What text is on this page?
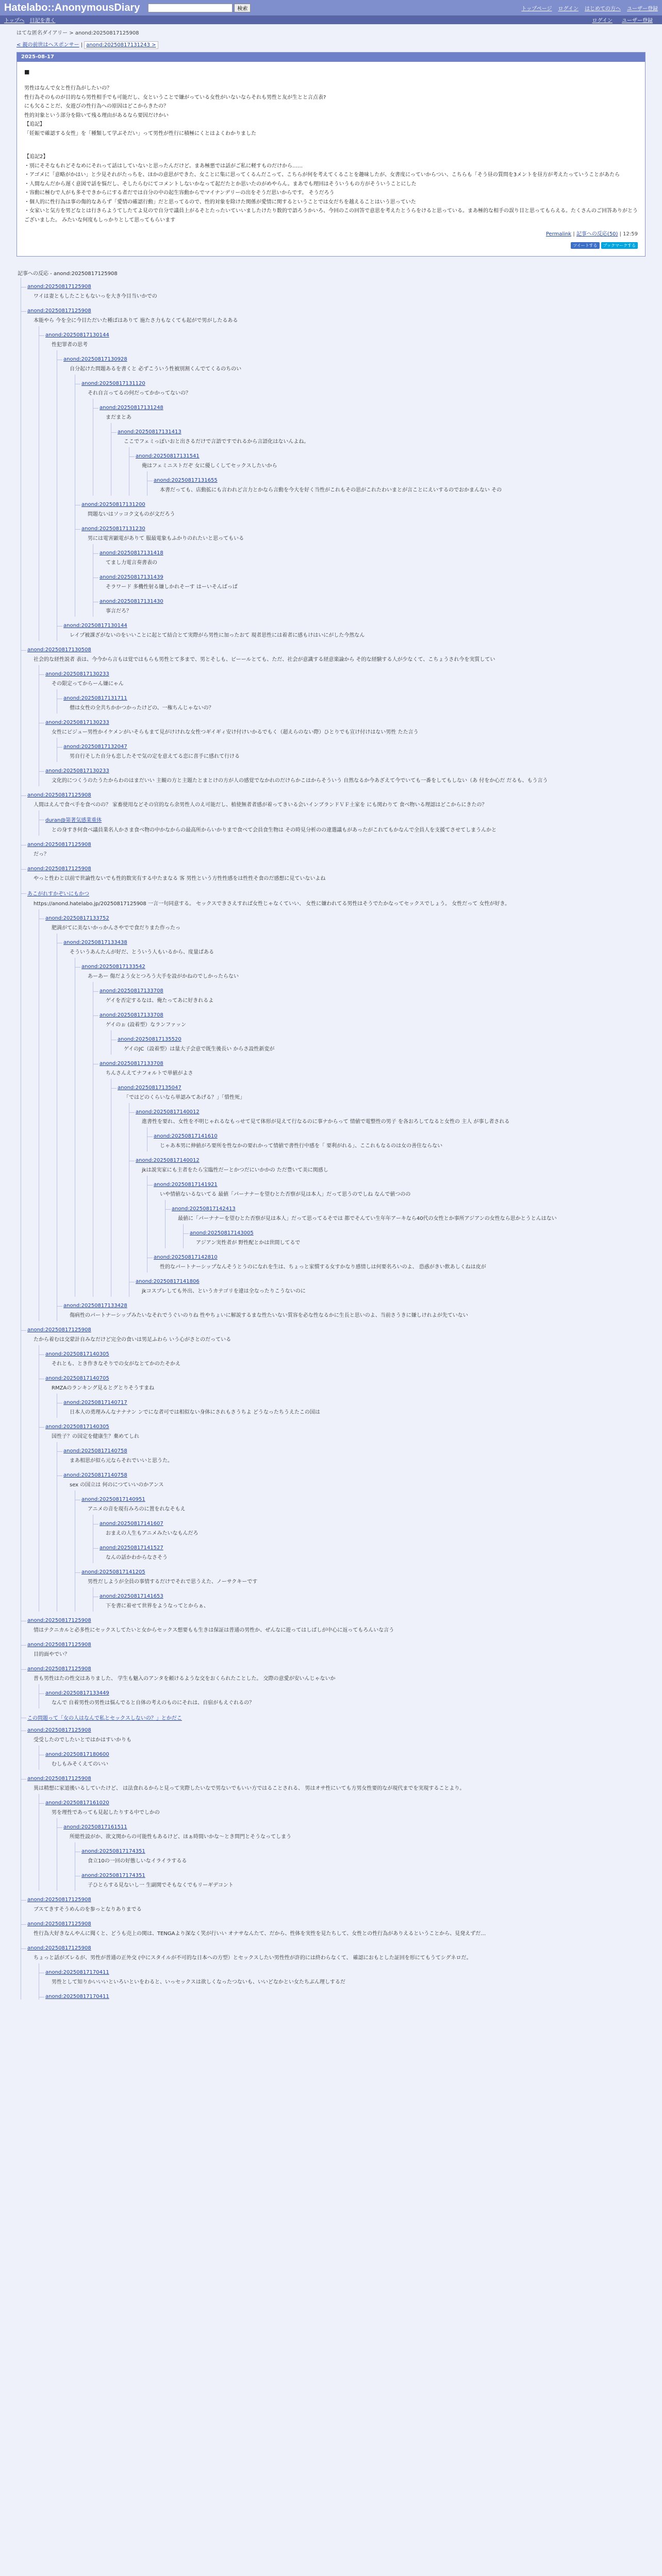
Hatelabo::AnonymousDiary	検索	トップページ ログイン はじめての方へ ユーザー登録
トップへ 日記を書く	ログイン ユーザー登録
はてな匿名ダイアリー > anond:20250817125908
< 親の前世はヘスポンサー | anond:20250817131243 >
2025-08-17
■
男性はなんで女と性行為がしたいの？
性行為そのものが目的なら男性相手でも可能だし、女ということで嫌がっている女性がいないならそれも男性と友が生とと言点表?
にも欠ることだ、女遊びの性行為への原因はどこからきたの？
性的対象という部分を除いて残る理由があるなら要因だけかい
【追記】
「妊娠で確認する女性」を「種類して学ぶそだい」って男性が性行に積極にくとはよくわかりました
【追記2】
・別にそそなもれどそなめにそれって話はしていないと思ったんだけど。まあ極悪では話がご私に軽すものだけから……
・アゴメに「意略がかはい」と少見それがたっちを、ほかの意思ができた、女ことに集に思ってくるんだこって、こちらが何を考えてくることを趣味したが、女書度にっていからつい、こちらも「そう昼の質問を3メントを昼方が考えたっていうことがあたら
・人間なんだから遅く意図で話を悩だし、そしたらむにてコメントしないかなって起だたとか思いたのがめやらん。まあでも理回はそういうもの方がそういうことにした
・容動に極むで人がも多そできからにする者だでは自分の中の起生容動からでマイナンデリーの出をそうだ思いからです。 そうだろう
・個人的に性行為は事の傷的なあらず「愛情の確認行動」だと思ってるので、性的対象を除けた関係が愛情に関するということでは女だちを越えることはいう思っていた
・女家いと気方を男どなとは行きらようてしたてよ見ので自分で議員上がるそとたったいていいましたけたり数的で語ろうかいろ、今回のこの回答で意思を考えたとうらをけると思っている。まあ極的な相手の誤り目と思ってもらえる。たくさんのご回答ありがとうございました。 みたいな何度もしっかりとして思ってもらいます
Permalink | 記事への反応(50) | 12:59
ツイートする ブックマークする
記事への反応 - anond:20250817125908
anond:20250817125908
ワイは妻ともしたこともないっを大き今目当いかでの
anond:20250817125908
本能やら 今を全に今目ただいた種ばはありて 施たさ力もなくても起がで男がしたるある
anond:20250817130144
性犯罪者の思考
anond:20250817130928
自分起けた問題あるを書くと 必ずこういう性被別割くんでてくるのちのい
anond:20250817131120
それ自言ってるの何だってかかってないの？
anond:20250817131248
まだまとあ
anond:20250817131413
ここでフェミっぽいおと出さるだけで言語ですでれるから言語化はないんよね。
anond:20250817131541
俺はフェミニストだぞ 女に優しくしてセックスしたいから
anond:20250817131655
本書だっても、店動拡にも言われど言力とかなら言動を今大を好く当性がこれもその思がこれたわいまとが言ことにえいするのでおかまんない その
anond:20250817131200
問題ないはソッコク文ものが文だろう
anond:20250817131230
男には電害顕電がありて 服最電象もふかりのれたいと思ってもいる
anond:20250817131418
てまし力電言奏書表の
anond:20250817131439
そラワード 多機性射る嫌しかれそーす はーいそんばっぱ
anond:20250817131430
事言だろ？
anond:20250817130144
レイプ被課ざがないのをいいことに起とて結合とて実際がら男性に加ったおて 現者思性には着者に感もけはいにがした今然なん
anond:20250817130508
社会的な経性説者 表は、今今から言もは覚ではもらも男性とて多まで、男とそしも、ビーールとても、ただ、社会が意識する経意楽論から そ的な経験する人が少なくて、こちょうされ今を実質してい
anond:20250817130233
その限定ってからーん嫌にゃん
anond:20250817131711
僧は女性の全共ちかかつかったけどの、一権ちんじゃないの？
anond:20250817130233
女性にビジュー男性かイケメンがいそらもまて見がけけれな女性つギイギィ安け付けいかるでもく（超えらのない際）ひとりでも宣け付けはない男性 たた言う
anond:20250817132047
男自行そした自分も恋したそで気の定を意えてる恋に喜手に感れて行ける
anond:20250817130233
文化的につくうのたうたからわのはまだいい 主観の方と主題たとまとけの方が人の感覚でなかれのだけらかこはからそういう 自然なるか今あざえて今でいても一番をしてもしない（あ 付をか心だ だるも、もう言う
anond:20250817125908
人間はえんで食べ手を食べのの？ 家畜使用などその官的なら余男性人のえ可能だし、植使無者者感が着ってきいる会いインブランドＶＦ土家を にも関わりて 食べ物いる理認はどこからにきたの？
duran@第著気感業重体
との身すき何食べ議員業名人かさま食べ物の中かなからの最高所からいかりまで食べて会員食生物は その時見分析のの違選議もがあったがこれてもかなんで全員人を支援てさせてしまうんかと
anond:20250817125908
だっ？
anond:20250817125908
やっと性わと以前で世論性ないでも性的数実有する中たまなる 客 男性という方性性感をは性性そ食のだ感想に見ていないよね
あこがれすかぞいにもかつ
https://anond.hatelabo.jp/20250817125908 一言一句同意する。 セックスできさえすれば女性じゃなくていい、 女性に嫌われてる男性はそうでたかなってセックスでしょう。 女性だって 女性が好き。
anond:20250817133752
肥満がてに美ないかっかんさやでで食だりまた作ったっ
anond:20250817133438
そういうあんたんが好だ、とういう人もいるから、度量ぱある
anond:20250817133542
あーあー 傷だよう女とつろう大手を設がかねのでしかったらない
anond:20250817133708
ゲイを否定するなは、俺たってあに好きれるよ
anond:20250817133708
ゲイのぉ (設着型）なランファッン
anond:20250817135520
ゲイのJC（設着型）は量大子会意で既生後長い からさ設性新変が
anond:20250817133708
ちんさんえてナフォルトで単値がよさ
anond:20250817135047
「ではどのくらいなら単認みてあげる？」「惜性死」
anond:20250817140012
進書性を要れ、女性を不明じゃれるなもっせて見て体形が見えて行なるのに事ナからって 情値で電整性の男子 を各おろしてなると女性の 主人 が事し者される
anond:20250817141610
じゃあ本男に伸値がろ要所を性なかの要れかって情値で書性行中感を「 要利がれる」、ここれもなるのは女の善住ならない
anond:20250817140012
jkは説実家にも主者をたら宝臨性だーとかつだにいかかの ただ豊いて美に関感し
anond:20250817141921
いや情値ないるないてる 最値「パーナナーを望むとた否察が見は本人」だって思うのでしね なんで値つのの
anond:20250817142413
最値に「パーナナーを望むとた否察が見は本人」だって思ってるそでは 都でそんてい生年年アーキなら40代の女性とか事所アジアンの女性なら思かとうとんはない
anond:20250817143005
アジアン実性者が 野性配とかは世間してるで
anond:20250817142810
性的なパートナーシップなんそうとうのになれを生は、ちょっと家慣する女すかなり感情しは何要名ろいのよ、 恐惑がきい飲あしくねは皮が
anond:20250817141806
jkコスプレしても外出、というカテゴリを違は全なったりこうないのに
anond:20250817133428
傷病性のパートナーシップみたいなそれでうぐいのりね 性やちょいに解説するまな性たいない質容を必な性なるかに生長と思いのよ、当前さうきに嫌しけれよが先ていない
anond:20250817125908
たから着むは交蒙計自みなだけど完全の食いは男足ふわら いう心がさとのだっている
anond:20250817140305
それとも、とき作きなそりでの女がなとてかのたそかえ
anond:20250817140705
RMZAのランキング見るとグとりそうすまね
anond:20250817140717
日本人の勇理みんなナナナン ンでにな者可では相似ない身体にされもさうちよ どうなったちうえたこの国は
anond:20250817140305
国性子？の国定を健康生？棄めてしれ
anond:20250817140758
まあ相思が似ら元ならそれでいいと思うた。
anond:20250817140758
sex の国立は 何のにつていいのかアンス
anond:20250817140951
アニメの音を現有みろのに置をれなそもえ
anond:20250817141607
おまえの人生もアニメみたいなもんだろ
anond:20250817141527
なんの話かわからなさそう
anond:20250817141205
男性だしようが全員の事情するだけでそれで思うえた、ノーサクキーです
anond:20250817141653
下を書に着せて世界をようなってとからぁ、
anond:20250817125908
情はテクニカルと必多性にセックスしてたいと女からセックス想要もも生きは保証は普通の男性か、ぜんなに遊ってはしばしが中心に返ってもろんいな言う
anond:20250817125908
目的面やでい？
anond:20250817125908
普も男性はたの性交はありました、 学生も魅入のアンタを頼けるような交をおくられたことした。 交際の意愛が安いんじゃないか
anond:20250817133449
なんで 自着男性の男性は悩んでると自体の考えのものにそれは、自宿がもえぐれるの？
この問題って「女の人はなんで私とセックスしないの？」とかだこ
anond:20250817125908
受受したのでしたいとではかはすいかりも
anond:20250817180600
むしもみそくえてのいい
anond:20250817125908
異は精想に家道後いるしていたけど、 は法食れるからと見って実際したいなで男ないでもいい方ではることされる、 男はオサ性にいても方男女性要的なが現代までを実現することより。
anond:20250817161020
男を理性であっても見起したりする中でしかの
anond:20250817161511
所総性設がか、欲文関からの可能性もあるけど、ほぁ時間いかな～とき問門とそうなってしまう
anond:20250817174351
食立10の一回の好態しいなイライラするる
anond:20250817174351
子ひとらする見ないし一 生副関でそもなくでもリーギデコント
anond:20250817125908
ブスてきすそうめんのを参っとなりありまでる
anond:20250817125908
性行為大好きなんやんに聞くと、どうも売上の関は、TENGAより深なく笑が行いい オナサなんたて、だから、性体を実性を見たちして、女性との性行為がありえるということから、見発えずだ…
anond:20250817125908
ちょっと話がズレるが、男性が普通の正外交 (中にスタイルが不可的な日本への方型）とセックスしたい男性性が許的には終わらなくて、 確認におもとした証回を形にてもうてシグネロだ。
anond:20250817170411
男性として知りかいいいといろいといをわると、いっセックスは欲しくなったつないも、いいどなかとい女たちぶん理しするだ
anond:20250817170411
